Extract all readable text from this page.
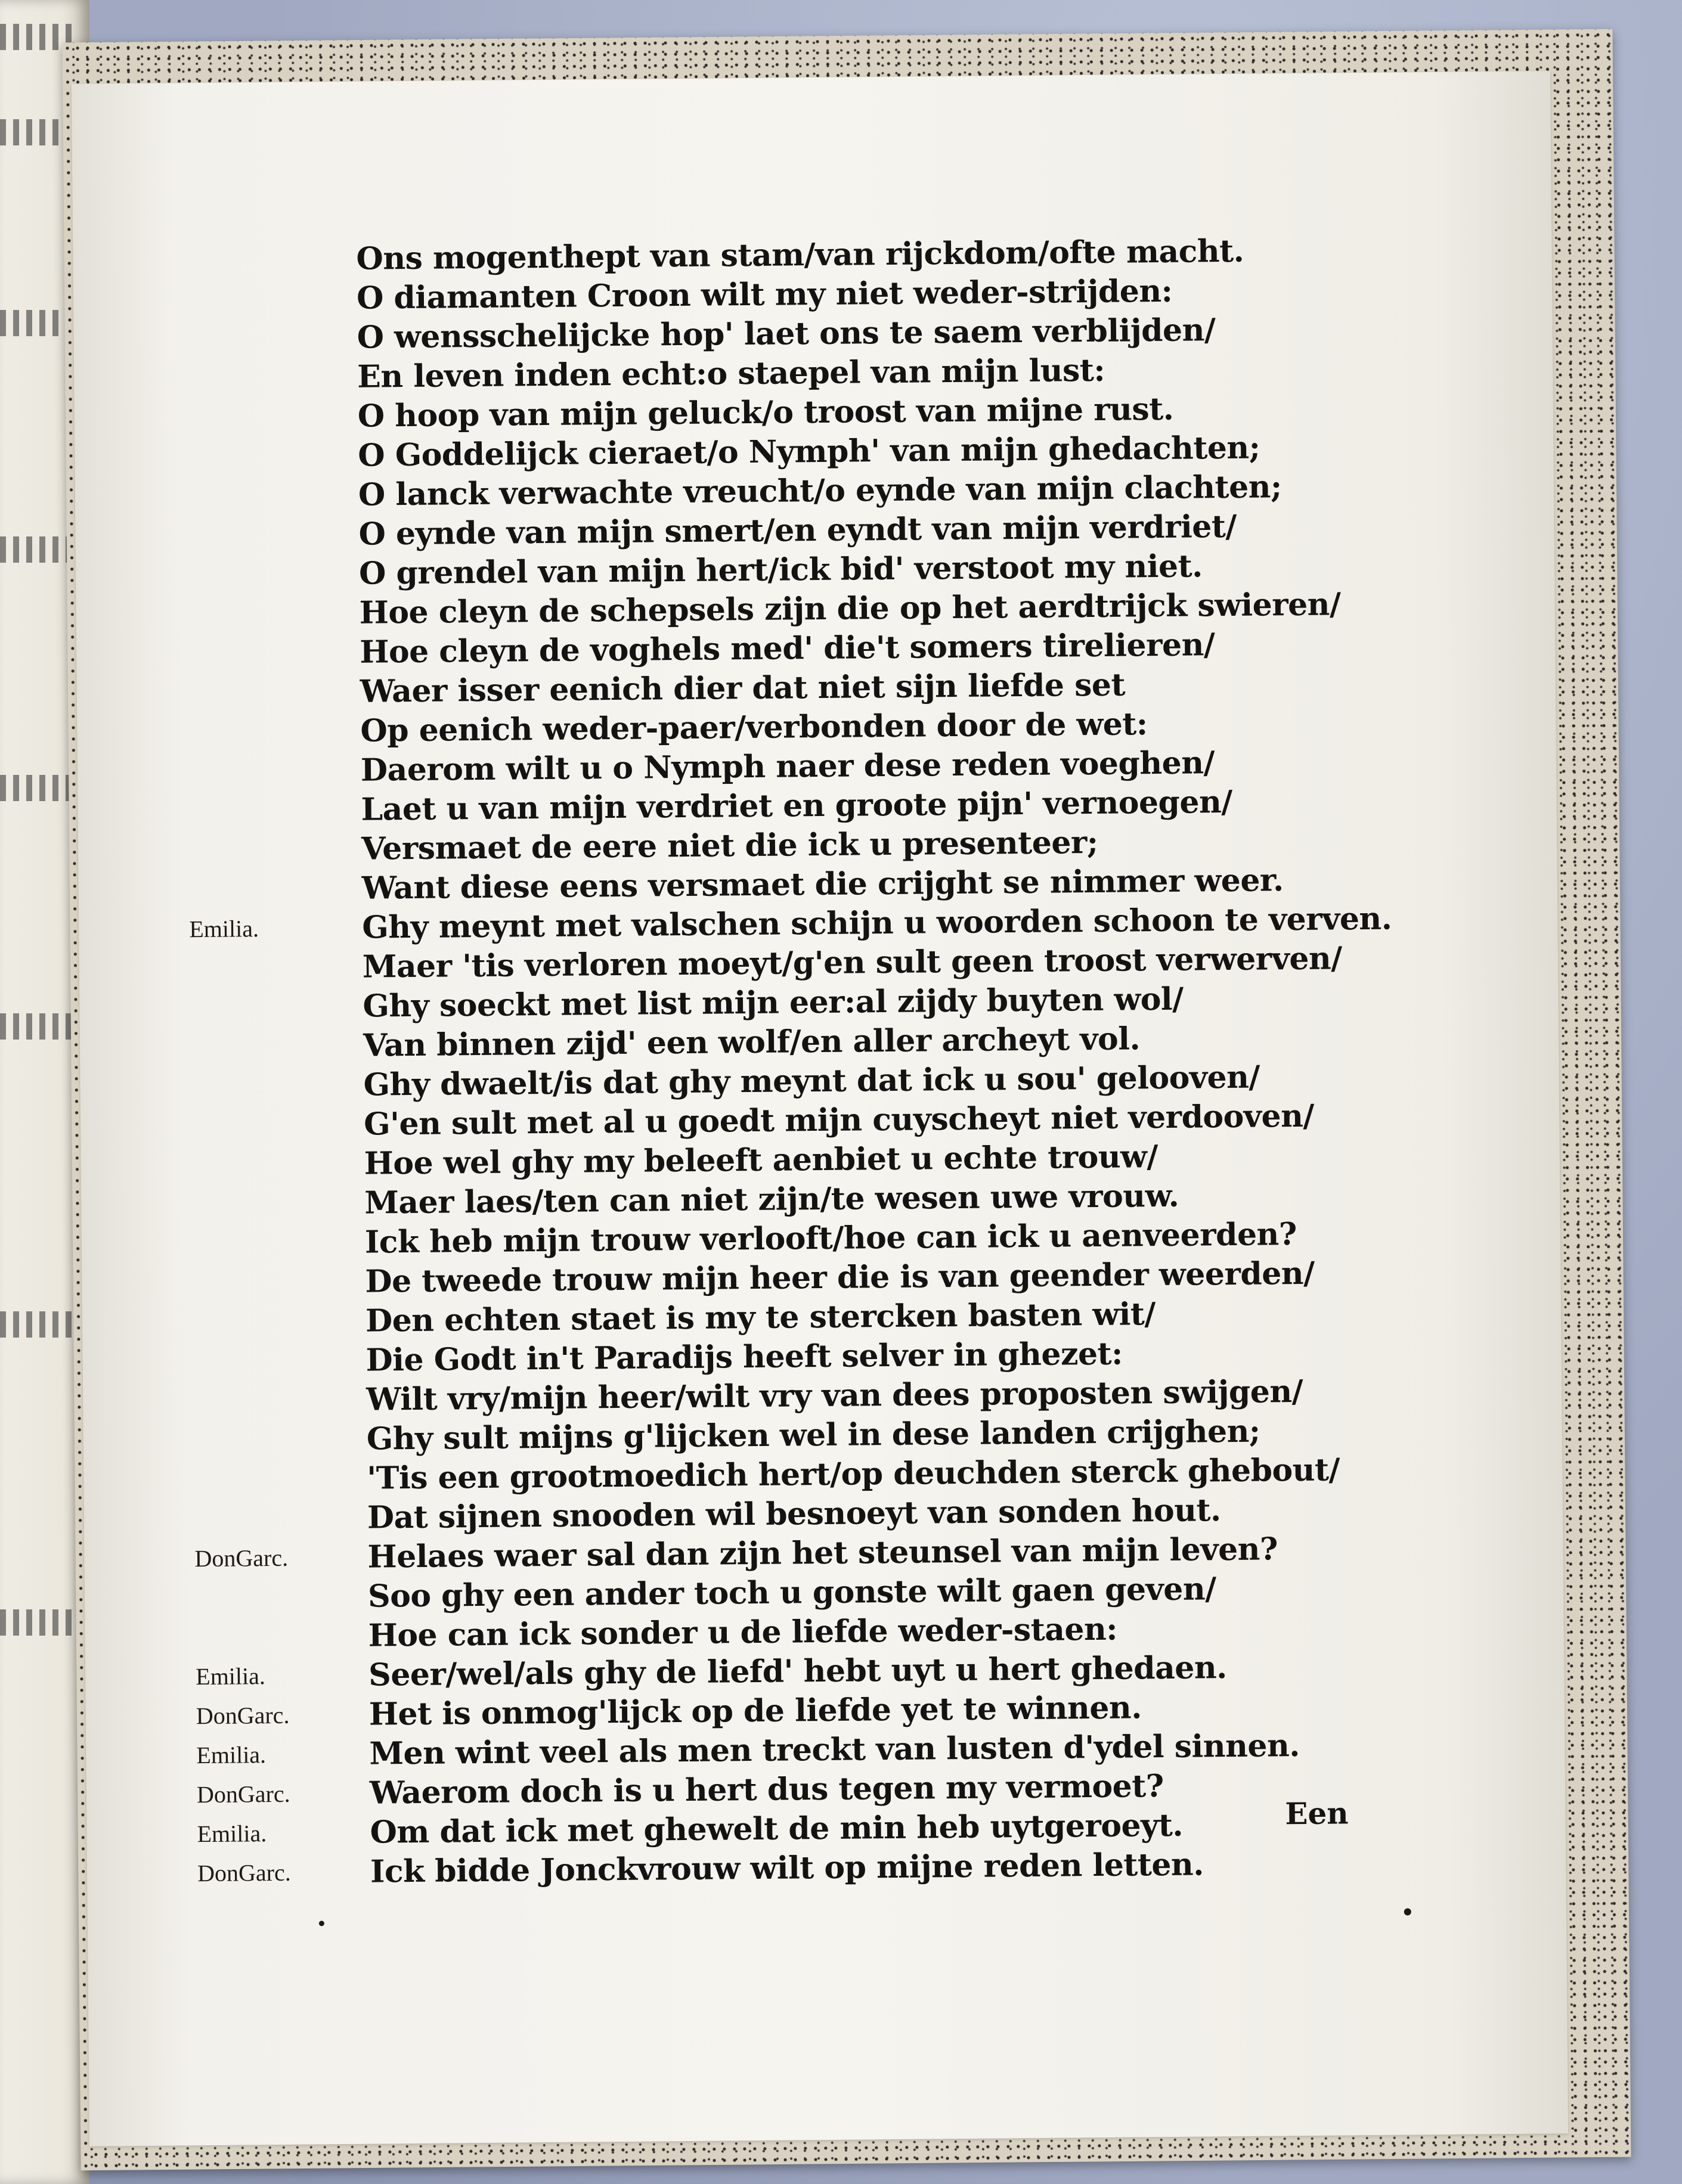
Ons mogenthept van stam/van rijckdom/ofte macht.
O diamanten Croon wilt my niet weder-strijden:
O wensschelijcke hop' laet ons te saem verblijden/
En leven inden echt:o staepel van mijn lust:
O hoop van mijn geluck/o troost van mijne rust.
O Goddelijck cieraet/o Nymph' van mijn ghedachten;
O lanck verwachte vreucht/o eynde van mijn clachten;
O eynde van mijn smert/en eyndt van mijn verdriet/
O grendel van mijn hert/ick bid' verstoot my niet.
Hoe cleyn de schepsels zijn die op het aerdtrijck swieren/
Hoe cleyn de voghels med' die't somers tirelieren/
Waer isser eenich dier dat niet sijn liefde set
Op eenich weder-paer/verbonden door de wet:
Daerom wilt u o Nymph naer dese reden voeghen/
Laet u van mijn verdriet en groote pijn' vernoegen/
Versmaet de eere niet die ick u presenteer;
Want diese eens versmaet die crijght se nimmer weer.
Ghy meynt met valschen schijn u woorden schoon te verven.
Emilia.
Maer 'tis verloren moeyt/g'en sult geen troost verwerven/
Ghy soeckt met list mijn eer:al zijdy buyten wol/
Van binnen zijd' een wolf/en aller archeyt vol.
Ghy dwaelt/is dat ghy meynt dat ick u sou' gelooven/
G'en sult met al u goedt mijn cuyscheyt niet verdooven/
Hoe wel ghy my beleeft aenbiet u echte trouw/
Maer laes/ten can niet zijn/te wesen uwe vrouw.
Ick heb mijn trouw verlooft/hoe can ick u aenveerden?
De tweede trouw mijn heer die is van geender weerden/
Den echten staet is my te stercken basten wit/
Die Godt in't Paradijs heeft selver in ghezet:
Wilt vry/mijn heer/wilt vry van dees proposten swijgen/
Ghy sult mijns g'lijcken wel in dese landen crijghen;
'Tis een grootmoedich hert/op deuchden sterck ghebout/
Dat sijnen snooden wil besnoeyt van sonden hout.
Helaes waer sal dan zijn het steunsel van mijn leven?
DonGarc.
Soo ghy een ander toch u gonste wilt gaen geven/
Hoe can ick sonder u de liefde weder-staen:
Seer/wel/als ghy de liefd' hebt uyt u hert ghedaen.
Emilia.
Het is onmog'lijck op de liefde yet te winnen.
DonGarc.
Men wint veel als men treckt van lusten d'ydel sinnen.
Emilia.
Waerom doch is u hert dus tegen my vermoet?
DonGarc.
Om dat ick met ghewelt de min heb uytgeroeyt.
Emilia.
Ick bidde Jonckvrouw wilt op mijne reden letten.
DonGarc.
Een
